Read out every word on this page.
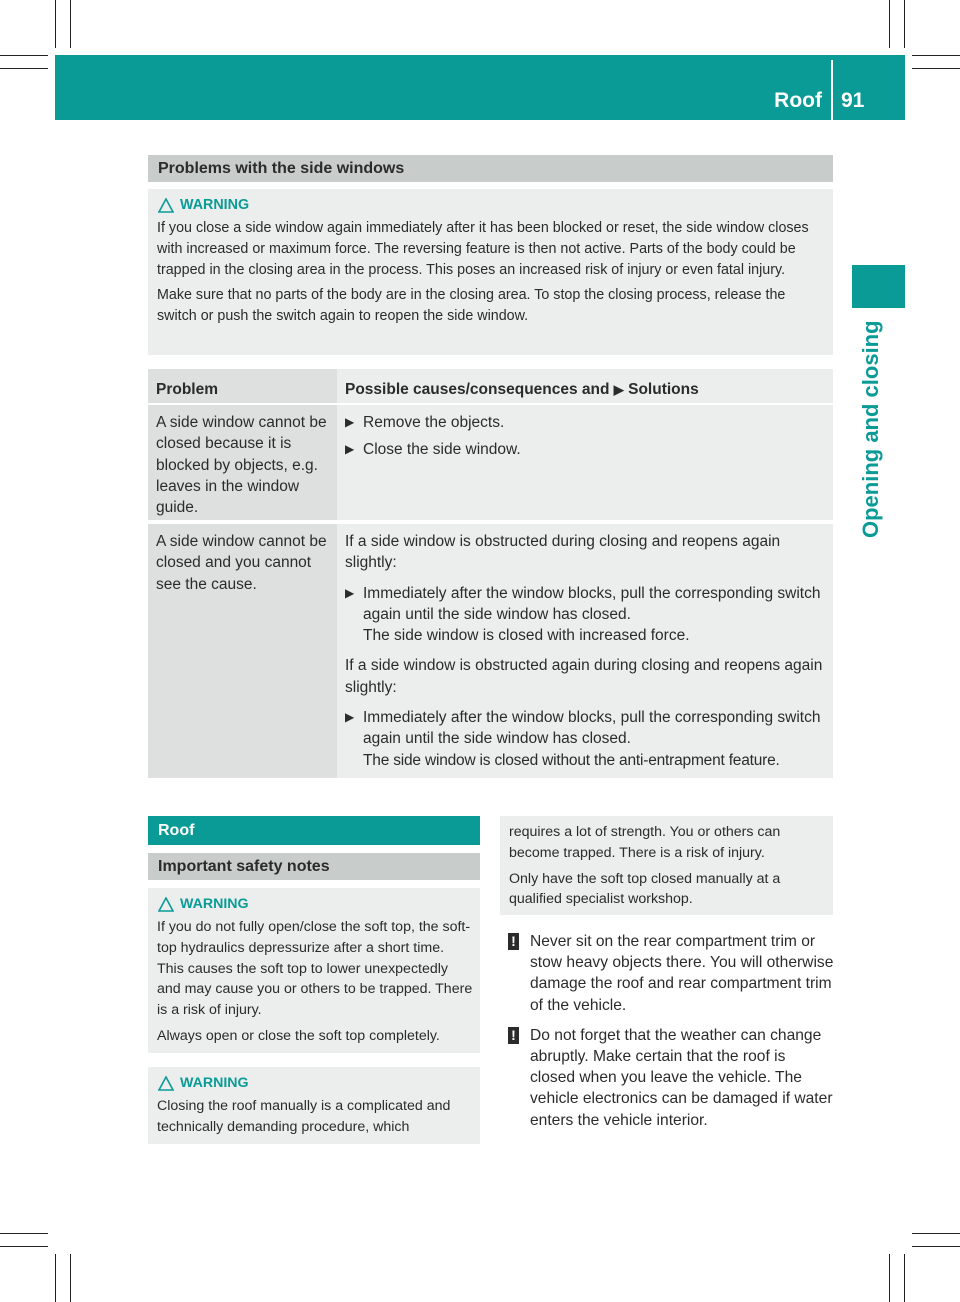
Roof 91
Opening and closing
Problems with the side windows
WARNING

If you close a side window again immediately after it has been blocked or reset, the side window closes with increased or maximum force. The reversing feature is then not active. Parts of the body could be trapped in the closing area in the process. This poses an increased risk of injury or even fatal injury.

Make sure that no parts of the body are in the closing area. To stop the closing process, release the switch or push the switch again to reopen the side window.

Problem	Possible causes/consequences and ▶ Solutions

A side window cannot be closed because it is blocked by objects, e.g. leaves in the window guide.

▶ Remove the objects.
▶ Close the side window.

A side window cannot be closed and you cannot see the cause.

If a side window is obstructed during closing and reopens again slightly:

▶ Immediately after the window blocks, pull the corresponding switch again until the side window has closed.
The side window is closed with increased force.

If a side window is obstructed again during closing and reopens again slightly:

▶ Immediately after the window blocks, pull the corresponding switch again until the side window has closed.
The side window is closed without the anti-entrapment feature.
Roof
Important safety notes
WARNING

If you do not fully open/close the soft top, the soft-top hydraulics depressurize after a short time. This causes the soft top to lower unexpectedly and may cause you or others to be trapped. There is a risk of injury.

Always open or close the soft top completely.

WARNING

Closing the roof manually is a complicated and technically demanding procedure, which

requires a lot of strength. You or others can become trapped. There is a risk of injury.

Only have the soft top closed manually at a qualified specialist workshop.

! Never sit on the rear compartment trim or stow heavy objects there. You will otherwise damage the roof and rear compartment trim of the vehicle.
! Do not forget that the weather can change abruptly. Make certain that the roof is closed when you leave the vehicle. The vehicle electronics can be damaged if water enters the vehicle interior.
